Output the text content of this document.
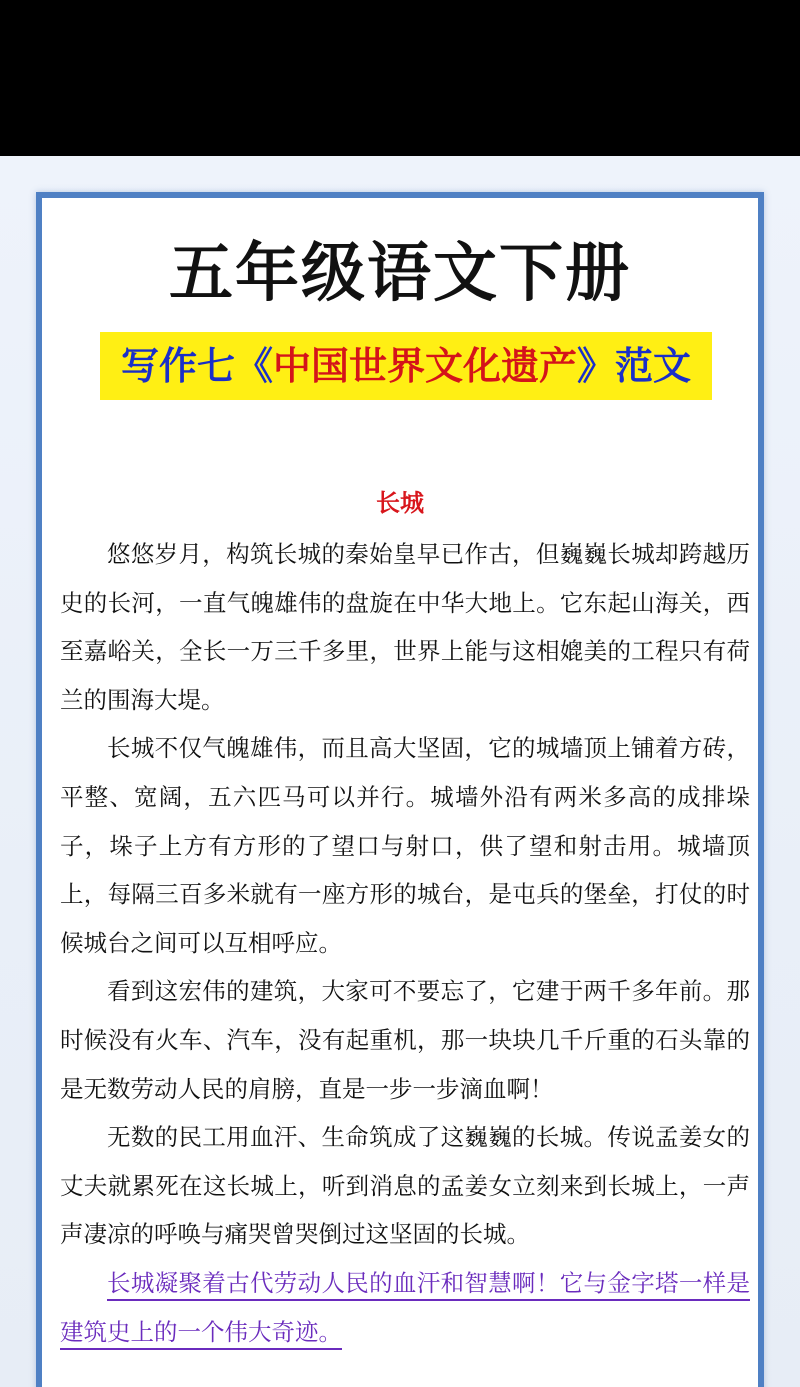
五年级语文下册
写作七《中国世界文化遗产》范文
长城

悠悠岁月，构筑长城的秦始皇早已作古，但巍巍长城却跨越历史的长河，一直气魄雄伟的盘旋在中华大地上。它东起山海关，西至嘉峪关，全长一万三千多里，世界上能与这相媲美的工程只有荷兰的围海大堤。

长城不仅气魄雄伟，而且高大坚固，它的城墙顶上铺着方砖，平整、宽阔，五六匹马可以并行。城墙外沿有两米多高的成排垛子，垛子上方有方形的了望口与射口，供了望和射击用。城墙顶上，每隔三百多米就有一座方形的城台，是屯兵的堡垒，打仗的时候城台之间可以互相呼应。

看到这宏伟的建筑，大家可不要忘了，它建于两千多年前。那时候没有火车、汽车，没有起重机，那一块块几千斤重的石头靠的是无数劳动人民的肩膀，直是一步一步滴血啊！

无数的民工用血汗、生命筑成了这巍巍的长城。传说孟姜女的丈夫就累死在这长城上，听到消息的孟姜女立刻来到长城上，一声声凄凉的呼唤与痛哭曾哭倒过这坚固的长城。

长城凝聚着古代劳动人民的血汗和智慧啊！它与金字塔一样是建筑史上的一个伟大奇迹。
